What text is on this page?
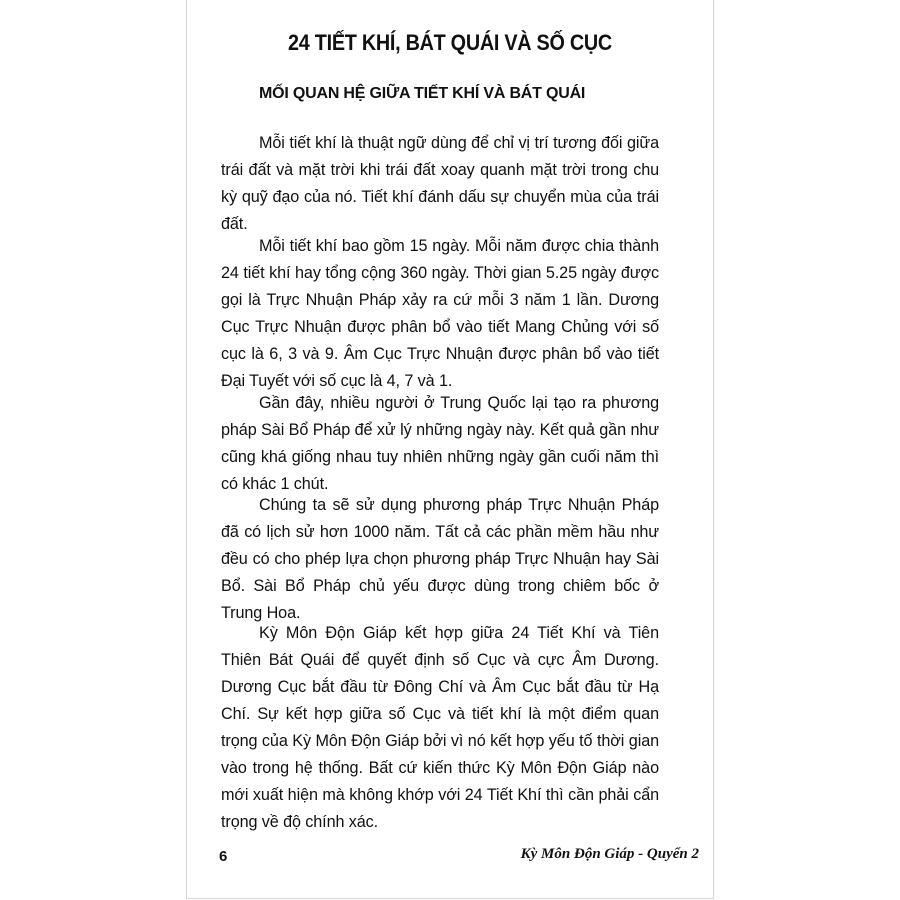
24 TIẾT KHÍ, BÁT QUÁI VÀ SỐ CỤC
MỐI QUAN HỆ GIỮA TIẾT KHÍ VÀ BÁT QUÁI

Mỗi tiết khí là thuật ngữ dùng để chỉ vị trí tương đối giữa trái đất và mặt trời khi trái đất xoay quanh mặt trời trong chu kỳ quỹ đạo của nó. Tiết khí đánh dấu sự chuyển mùa của trái đất.

Mỗi tiết khí bao gồm 15 ngày. Mỗi năm được chia thành 24 tiết khí hay tổng cộng 360 ngày. Thời gian 5.25 ngày được gọi là Trực Nhuận Pháp xảy ra cứ mỗi 3 năm 1 lần. Dương Cục Trực Nhuận được phân bổ vào tiết Mang Chủng với số cục là 6, 3 và 9. Âm Cục Trực Nhuận được phân bổ vào tiết Đại Tuyết với số cục là 4, 7 và 1.

Gần đây, nhiều người ở Trung Quốc lại tạo ra phương pháp Sài Bổ Pháp để xử lý những ngày này. Kết quả gần như cũng khá giống nhau tuy nhiên những ngày gần cuối năm thì có khác 1 chút.

Chúng ta sẽ sử dụng phương pháp Trực Nhuận Pháp đã có lịch sử hơn 1000 năm. Tất cả các phần mềm hầu như đều có cho phép lựa chọn phương pháp Trực Nhuận hay Sài Bổ. Sài Bổ Pháp chủ yếu được dùng trong chiêm bốc ở Trung Hoa.

Kỳ Môn Độn Giáp kết hợp giữa 24 Tiết Khí và Tiên Thiên Bát Quái để quyết định số Cục và cực Âm Dương. Dương Cục bắt đầu từ Đông Chí và Âm Cục bắt đầu từ Hạ Chí. Sự kết hợp giữa số Cục và tiết khí là một điểm quan trọng của Kỳ Môn Độn Giáp bởi vì nó kết hợp yếu tố thời gian vào trong hệ thống. Bất cứ kiến thức Kỳ Môn Độn Giáp nào mới xuất hiện mà không khớp với 24 Tiết Khí thì cần phải cẩn trọng về độ chính xác.

6	Kỳ Môn Độn Giáp - Quyển 2
